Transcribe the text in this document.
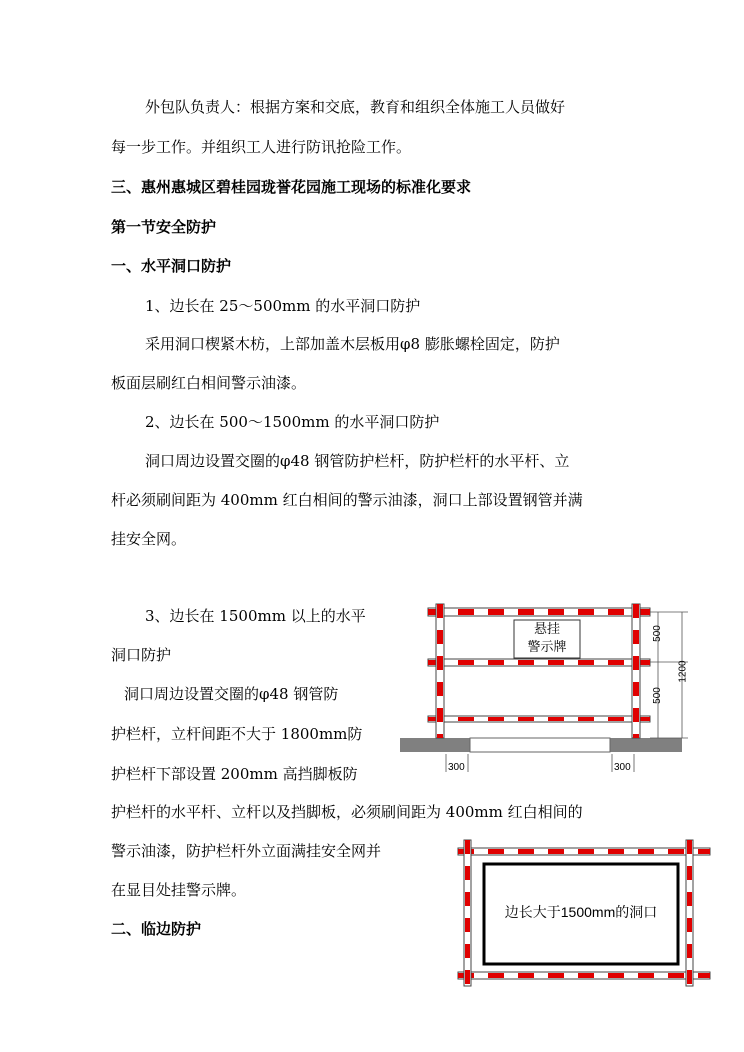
外包队负责人：根据方案和交底，教育和组织全体施工人员做好
每一步工作。并组织工人进行防讯抢险工作。
三、惠州惠城区碧桂园珑誉花园施工现场的标准化要求
第一节安全防护
一、水平洞口防护
1、边长在 25～500mm 的水平洞口防护
采用洞口楔紧木枋，上部加盖木层板用φ8 膨胀螺栓固定，防护
板面层刷红白相间警示油漆。
2、边长在 500～1500mm 的水平洞口防护
洞口周边设置交圈的φ48 钢管防护栏杆，防护栏杆的水平杆、立
杆必须刷间距为 400mm 红白相间的警示油漆，洞口上部设置钢管并满
挂安全网。
3、边长在 1500mm 以上的水平
洞口防护
洞口周边设置交圈的φ48 钢管防
护栏杆，立杆间距不大于 1800mm防
护栏杆下部设置 200mm 高挡脚板防
护栏杆的水平杆、立杆以及挡脚板，必须刷间距为 400mm 红白相间的
警示油漆，防护栏杆外立面满挂安全网并
在显目处挂警示牌。
二、临边防护
悬挂
警示牌
500
500
1200
300	300
边长大于1500mm的洞口
